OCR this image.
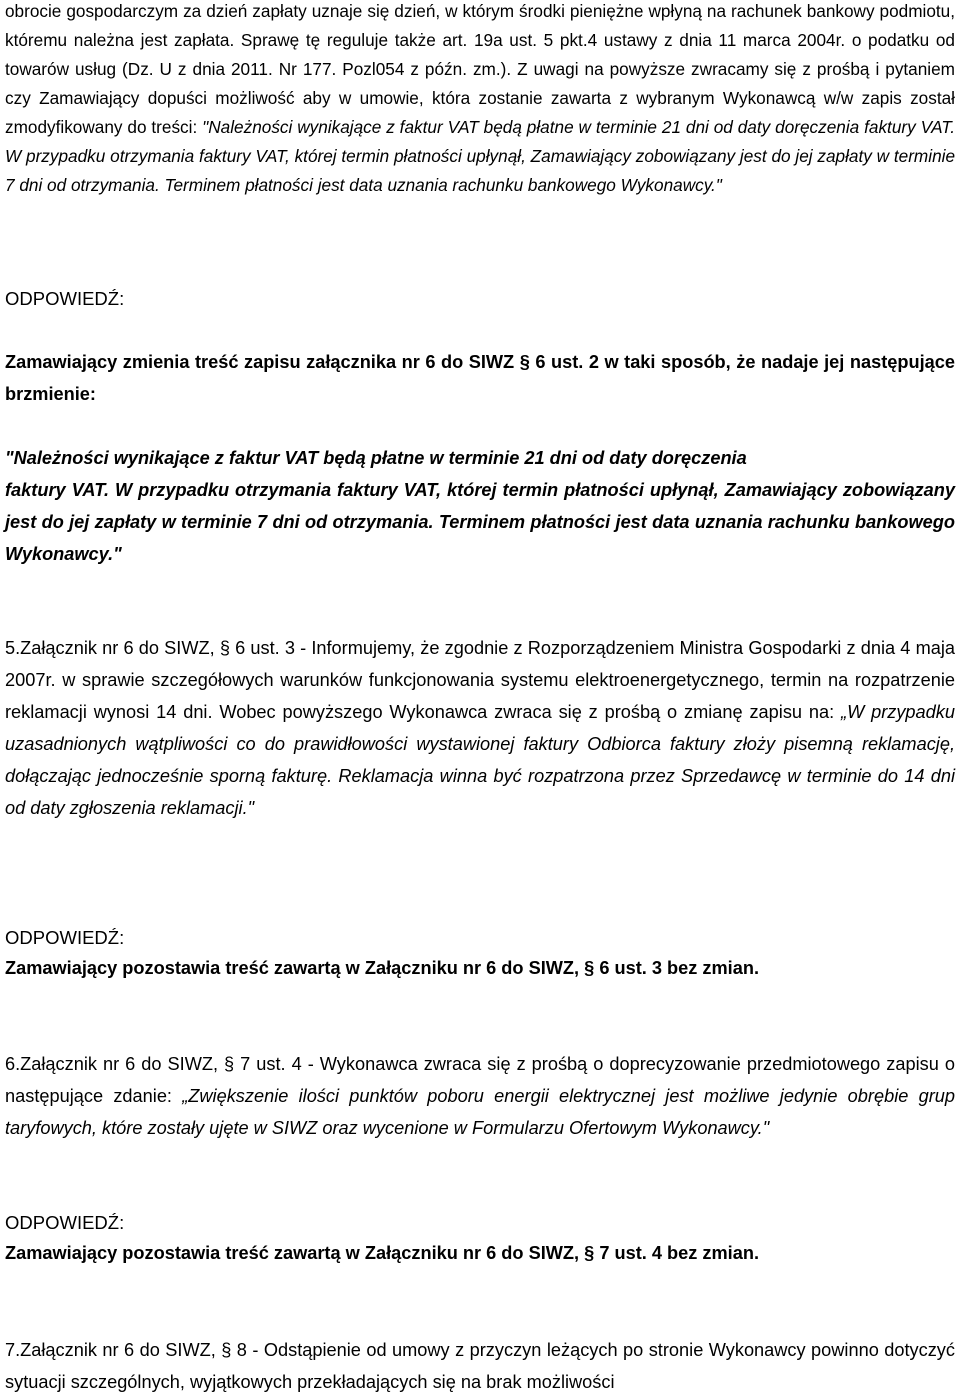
obrocie gospodarczym za dzień zapłaty uznaje się dzień, w którym środki pieniężne wpłyną na rachunek bankowy podmiotu, któremu należna jest zapłata. Sprawę tę reguluje także art. 19a ust. 5 pkt.4 ustawy z dnia 11 marca 2004r. o podatku od towarów usług (Dz. U z dnia 2011. Nr 177. Pozl054 z późn. zm.). Z uwagi na powyższe zwracamy się z prośbą i pytaniem czy Zamawiający dopuści możliwość aby w umowie, która zostanie zawarta z wybranym Wykonawcą w/w zapis został zmodyfikowany do treści: "Należności wynikające z faktur VAT będą płatne w terminie 21 dni od daty doręczenia faktury VAT. W przypadku otrzymania faktury VAT, której termin płatności upłynął, Zamawiający zobowiązany jest do jej zapłaty w terminie 7 dni od otrzymania. Terminem płatności jest data uznania rachunku bankowego Wykonawcy."

ODPOWIEDŹ:

Zamawiający zmienia treść zapisu załącznika nr 6 do SIWZ § 6 ust. 2 w taki sposób, że nadaje jej następujące brzmienie:

"Należności wynikające z faktur VAT będą płatne w terminie 21 dni od daty doręczenia

faktury VAT. W przypadku otrzymania faktury VAT, której termin płatności upłynął, Zamawiający zobowiązany jest do jej zapłaty w terminie 7 dni od otrzymania. Terminem płatności jest data uznania rachunku bankowego Wykonawcy."

5.Załącznik nr 6 do SIWZ, § 6 ust. 3 - Informujemy, że zgodnie z Rozporządzeniem Ministra Gospodarki z dnia 4 maja 2007r. w sprawie szczegółowych warunków funkcjonowania systemu elektroenergetycznego, termin na rozpatrzenie reklamacji wynosi 14 dni. Wobec powyższego Wykonawca zwraca się z prośbą o zmianę zapisu na: „W przypadku uzasadnionych wątpliwości co do prawidłowości wystawionej faktury Odbiorca faktury złoży pisemną reklamację, dołączając jednocześnie sporną fakturę. Reklamacja winna być rozpatrzona przez Sprzedawcę w terminie do 14 dni od daty zgłoszenia reklamacji."

ODPOWIEDŹ:

Zamawiający pozostawia treść zawartą w Załączniku nr 6 do SIWZ, § 6 ust. 3 bez zmian.

6.Załącznik nr 6 do SIWZ, § 7 ust. 4 - Wykonawca zwraca się z prośbą o doprecyzowanie przedmiotowego zapisu o następujące zdanie: „Zwiększenie ilości punktów poboru energii elektrycznej jest możliwe jedynie obrębie grup taryfowych, które zostały ujęte w SIWZ oraz wycenione w Formularzu Ofertowym Wykonawcy."

ODPOWIEDŹ:

Zamawiający pozostawia treść zawartą w Załączniku nr 6 do SIWZ, § 7 ust. 4 bez zmian.

7.Załącznik nr 6 do SIWZ, § 8 - Odstąpienie od umowy z przyczyn leżących po stronie Wykonawcy powinno dotyczyć sytuacji szczególnych, wyjątkowych przekładających się na brak możliwości
